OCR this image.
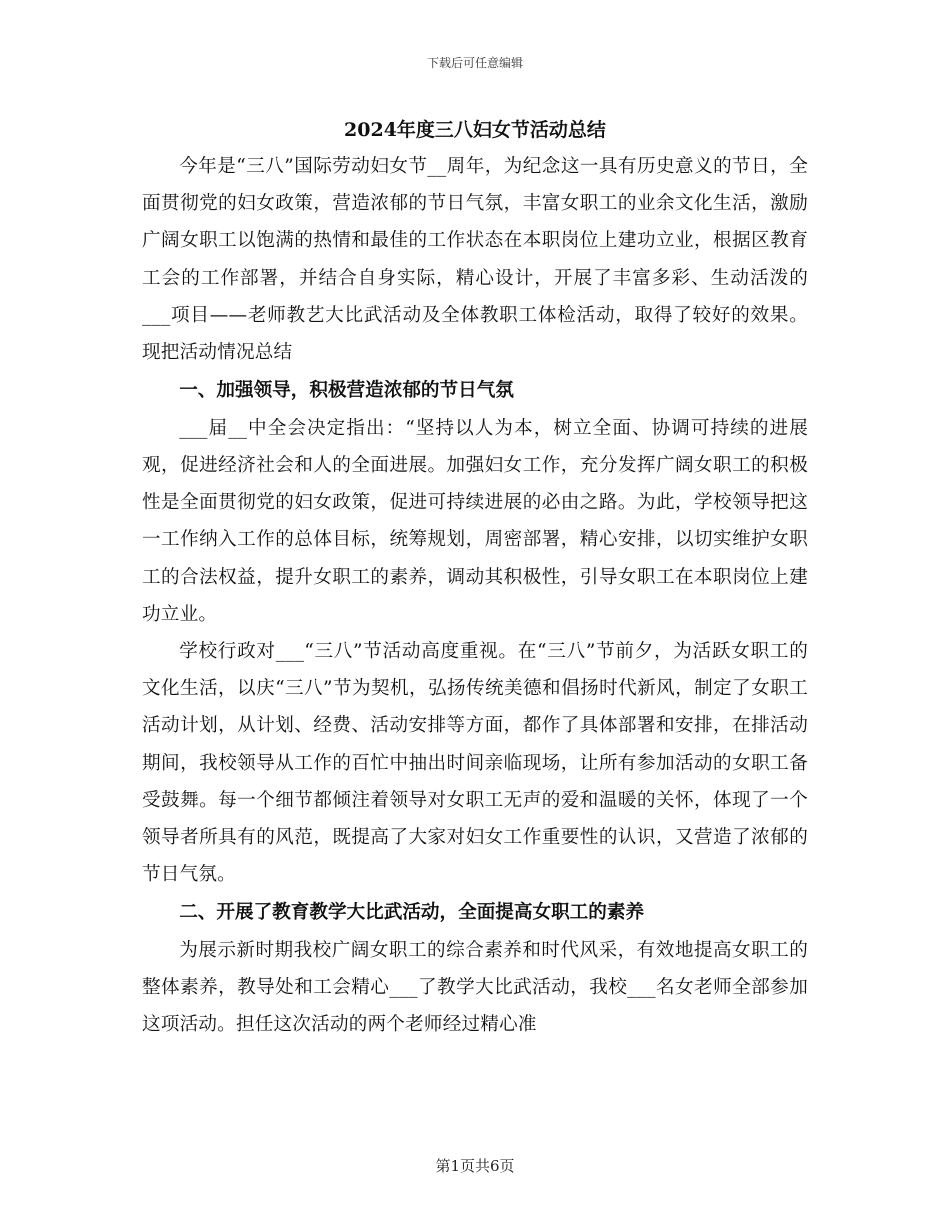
下载后可任意编辑
2024年度三八妇女节活动总结

今年是“三八”国际劳动妇女节__周年，为纪念这一具有历史意义的节日，全面贯彻党的妇女政策，营造浓郁的节日气氛，丰富女职工的业余文化生活，激励广阔女职工以饱满的热情和最佳的工作状态在本职岗位上建功立业，根据区教育工会的工作部署，并结合自身实际，精心设计，开展了丰富多彩、生动活泼的___项目——老师教艺大比武活动及全体教职工体检活动，取得了较好的效果。现把活动情况总结

一、加强领导，积极营造浓郁的节日气氛

___届__中全会决定指出：“坚持以人为本，树立全面、协调可持续的进展观，促进经济社会和人的全面进展。加强妇女工作，充分发挥广阔女职工的积极性是全面贯彻党的妇女政策，促进可持续进展的必由之路。为此，学校领导把这一工作纳入工作的总体目标，统筹规划，周密部署，精心安排，以切实维护女职工的合法权益，提升女职工的素养，调动其积极性，引导女职工在本职岗位上建功立业。

学校行政对___“三八”节活动高度重视。在“三八”节前夕，为活跃女职工的文化生活，以庆“三八”节为契机，弘扬传统美德和倡扬时代新风，制定了女职工活动计划，从计划、经费、活动安排等方面，都作了具体部署和安排，在排活动期间，我校领导从工作的百忙中抽出时间亲临现场，让所有参加活动的女职工备受鼓舞。每一个细节都倾注着领导对女职工无声的爱和温暖的关怀，体现了一个领导者所具有的风范，既提高了大家对妇女工作重要性的认识，又营造了浓郁的节日气氛。

二、开展了教育教学大比武活动，全面提高女职工的素养

为展示新时期我校广阔女职工的综合素养和时代风采，有效地提高女职工的整体素养，教导处和工会精心___了教学大比武活动，我校___名女老师全部参加这项活动。担任这次活动的两个老师经过精心准

第1页共6页
